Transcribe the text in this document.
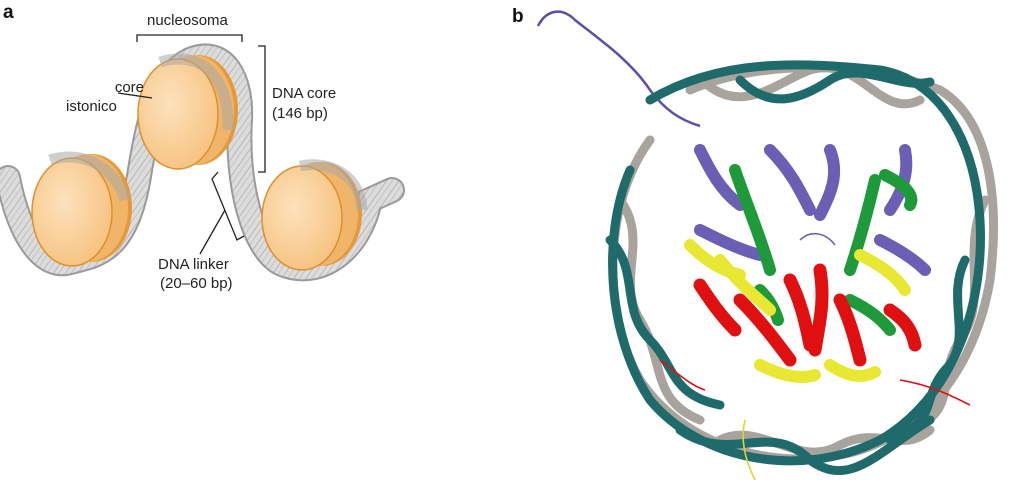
a	b
nucleosoma
core
istonico
DNA core
(146 bp)
DNA linker
(20–60 bp)
